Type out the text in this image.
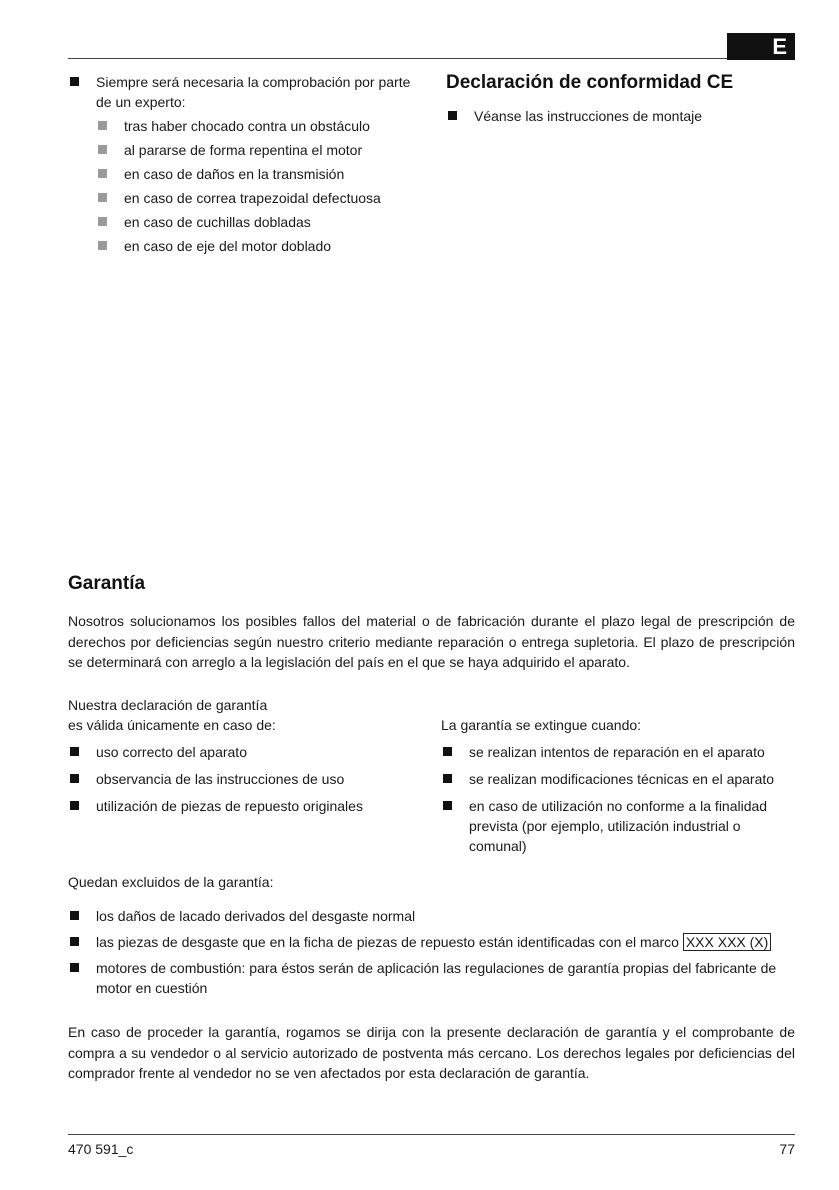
E
Siempre será necesaria la comprobación por parte de un experto:
tras haber chocado contra un obstáculo
al pararse de forma repentina el motor
en caso de daños en la transmisión
en caso de correa trapezoidal defectuosa
en caso de cuchillas dobladas
en caso de eje del motor doblado
Declaración de conformidad CE
Véanse las instrucciones de montaje
Garantía
Nosotros solucionamos los posibles fallos del material o de fabricación durante el plazo legal de prescripción de derechos por deficiencias según nuestro criterio mediante reparación o entrega supletoria. El plazo de prescripción se determinará con arreglo a la legislación del país en el que se haya adquirido el aparato.
Nuestra declaración de garantía
es válida únicamente en caso de:
uso correcto del aparato
observancia de las instrucciones de uso
utilización de piezas de repuesto originales
La garantía se extingue cuando:
se realizan intentos de reparación en el aparato
se realizan modificaciones técnicas en el aparato
en caso de utilización no conforme a la finalidad prevista (por ejemplo, utilización industrial o comunal)
Quedan excluidos de la garantía:
los daños de lacado derivados del desgaste normal
las piezas de desgaste que en la ficha de piezas de repuesto están identificadas con el marco XXX XXX (X)
motores de combustión: para éstos serán de aplicación las regulaciones de garantía propias del fabricante de motor en cuestión
En caso de proceder la garantía, rogamos se dirija con la presente declaración de garantía y el comprobante de compra a su vendedor o al servicio autorizado de postventa más cercano. Los derechos legales por deficiencias del comprador frente al vendedor no se ven afectados por esta declaración de garantía.
470 591_c	77
